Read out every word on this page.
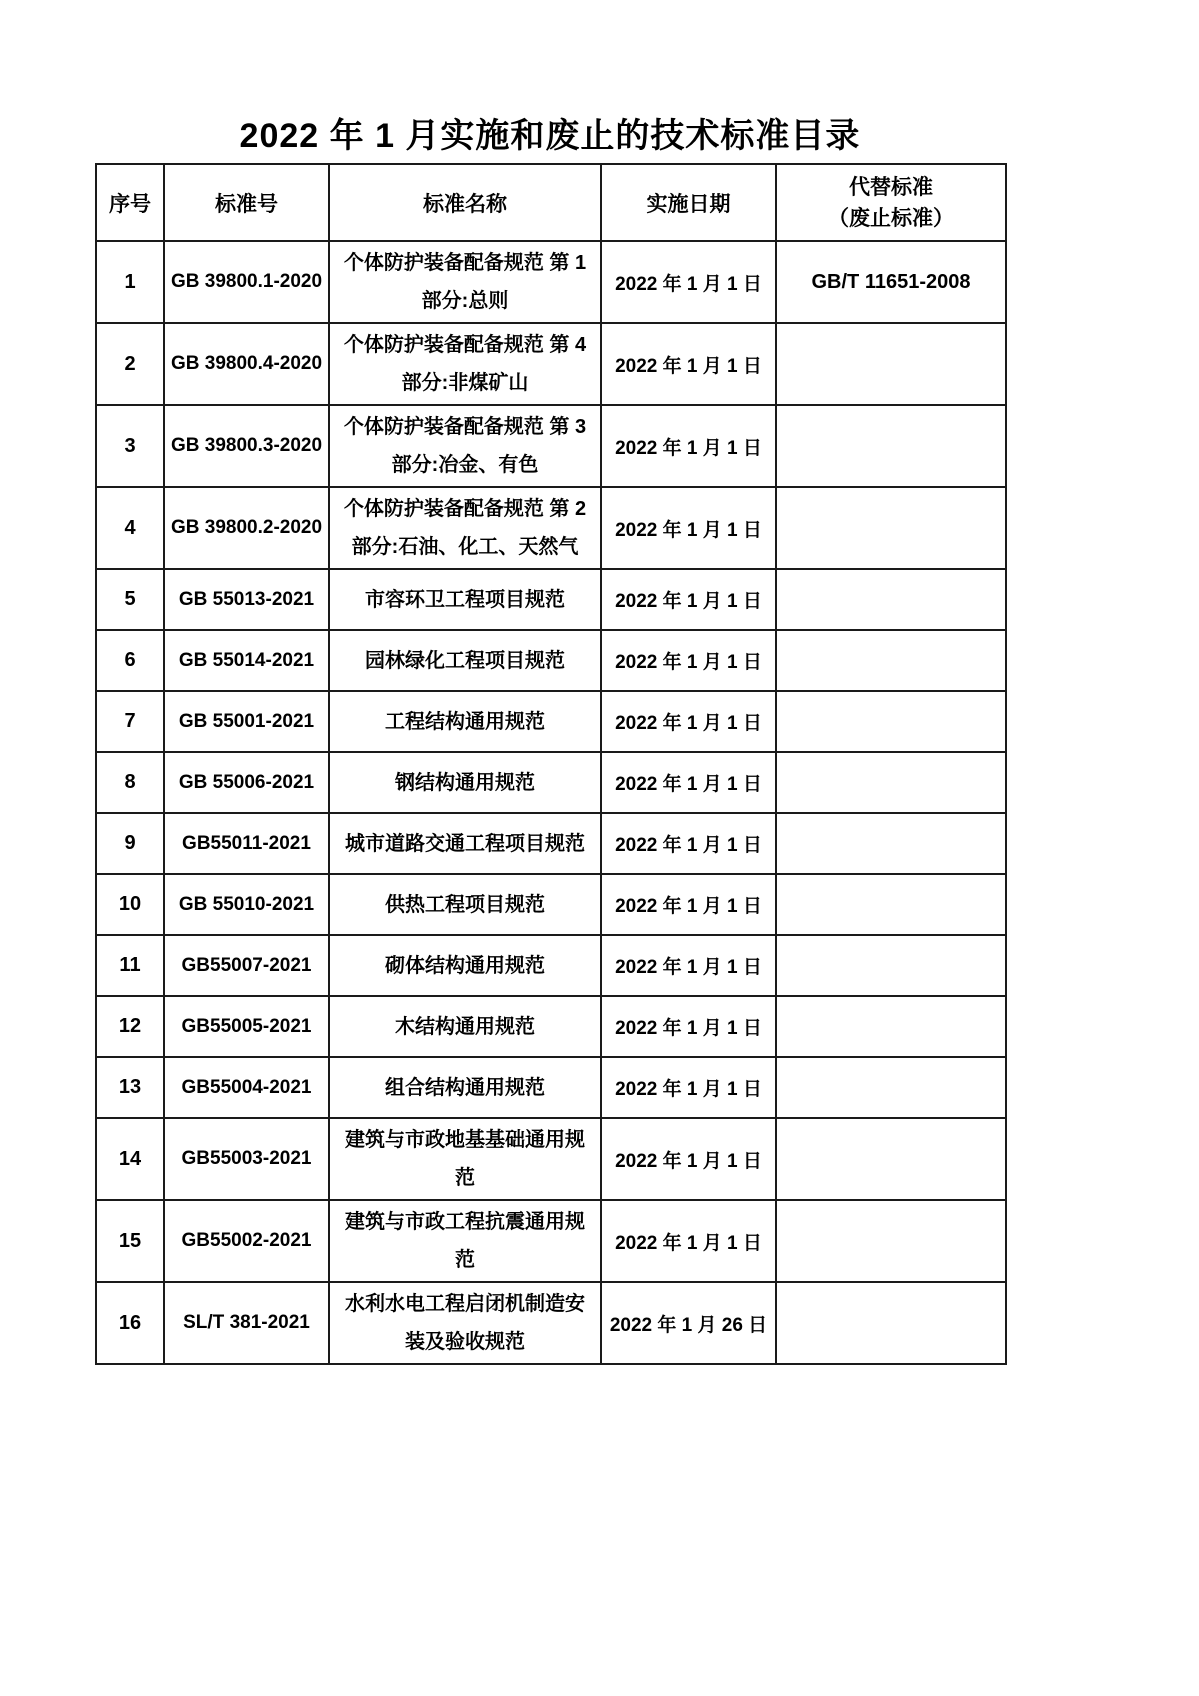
2022 年 1 月实施和废止的技术标准目录
序号	标准号	标准名称	实施日期	代替标准
（废止标准）

1	GB 39800.1-2020	个体防护装备配备规范 第 1 部分:总则	2022 年 1 月 1 日	GB/T 11651-2008
2	GB 39800.4-2020	个体防护装备配备规范 第 4 部分:非煤矿山	2022 年 1 月 1 日	
3	GB 39800.3-2020	个体防护装备配备规范 第 3 部分:冶金、有色	2022 年 1 月 1 日	
4	GB 39800.2-2020	个体防护装备配备规范 第 2 部分:石油、化工、天然气	2022 年 1 月 1 日	
5	GB 55013-2021	市容环卫工程项目规范	2022 年 1 月 1 日	
6	GB 55014-2021	园林绿化工程项目规范	2022 年 1 月 1 日	
7	GB 55001-2021	工程结构通用规范	2022 年 1 月 1 日	
8	GB 55006-2021	钢结构通用规范	2022 年 1 月 1 日	
9	GB55011-2021	城市道路交通工程项目规范	2022 年 1 月 1 日	
10	GB 55010-2021	供热工程项目规范	2022 年 1 月 1 日	
11	GB55007-2021	砌体结构通用规范	2022 年 1 月 1 日	
12	GB55005-2021	木结构通用规范	2022 年 1 月 1 日	
13	GB55004-2021	组合结构通用规范	2022 年 1 月 1 日	
14	GB55003-2021	建筑与市政地基基础通用规范	2022 年 1 月 1 日	
15	GB55002-2021	建筑与市政工程抗震通用规范	2022 年 1 月 1 日	
16	SL/T 381-2021	水利水电工程启闭机制造安装及验收规范	2022 年 1 月 26 日	
